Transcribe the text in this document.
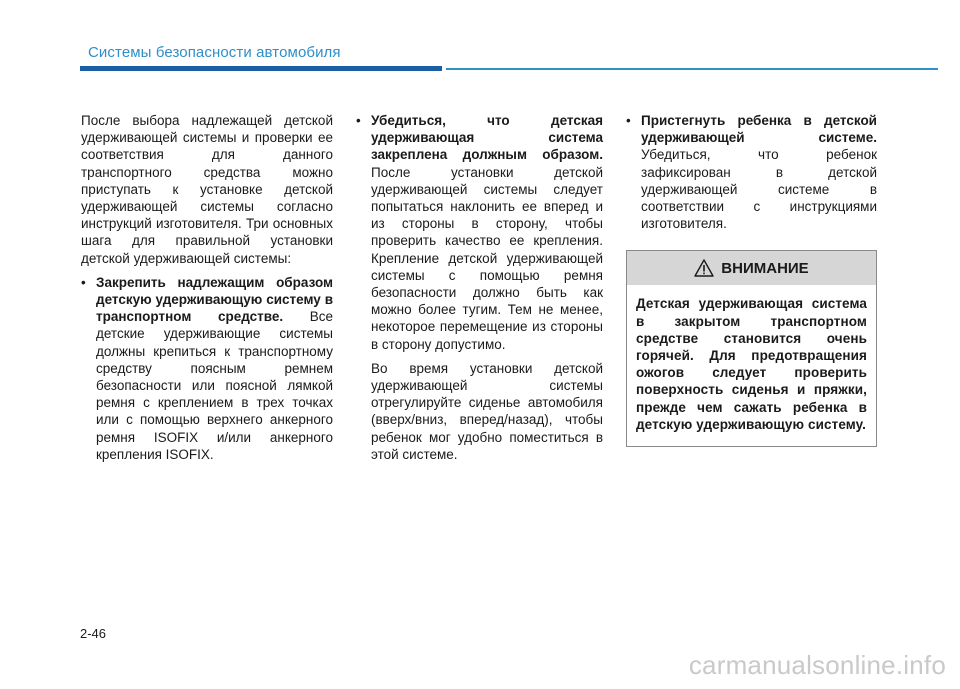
Системы безопасности автомобиля

После выбора надлежащей детской удерживающей системы и проверки ее соответствия для данного транспортного средства можно приступать к установке детской удерживающей системы согласно инструкций изготовителя. Три основных шага для правильной установки детской удерживающей системы:

• Закрепить надлежащим образом детскую удерживающую систему в транспортном средстве. Все детские удерживающие системы должны крепиться к транспортному средству поясным ремнем безопасности или поясной лямкой ремня с креплением в трех точках или с помощью верхнего анкерного ремня ISOFIX и/или анкерного крепления ISOFIX.
• Убедиться, что детская удерживающая система закреплена должным образом. После установки детской удерживающей системы следует попытаться наклонить ее вперед и из стороны в сторону, чтобы проверить качество ее крепления. Крепление детской удерживающей системы с помощью ремня безопасности должно быть как можно более тугим. Тем не менее, некоторое перемещение из стороны в сторону допустимо.

Во время установки детской удерживающей системы отрегулируйте сиденье автомобиля (вверх/вниз, вперед/назад), чтобы ребенок мог удобно поместиться в этой системе.

• Пристегнуть ребенка в детской удерживающей системе. Убедиться, что ребенок зафиксирован в детской удерживающей системе в соответствии с инструкциями изготовителя.
ВНИМАНИЕ
Детская удерживающая система в закрытом транспортном средстве становится очень горячей. Для предотвращения ожогов следует проверить поверхность сиденья и пряжки, прежде чем сажать ребенка в детскую удерживающую систему.
2-46
carmanualsonline.info
